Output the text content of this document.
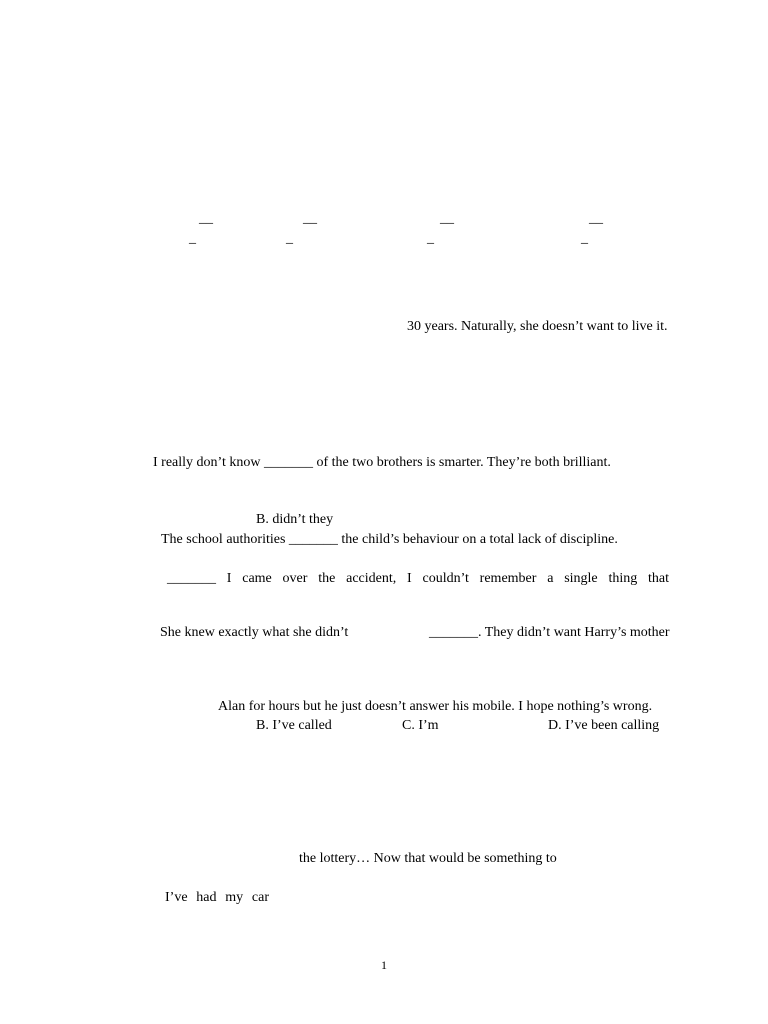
__	__	__	__
_	_	_	_
30 years. Naturally, she doesn’t want to live it.
I really don’t know _______ of the two brothers is smarter. They’re both brilliant.
B. didn’t they
The school authorities _______ the child’s behaviour on a total lack of discipline.
_______ I came over the accident, I couldn’t remember a single thing that
She knew exactly what she didn’t	_______. They didn’t want Harry’s mother
Alan for hours but he just doesn’t answer his mobile. I hope nothing’s wrong.
B. I’ve called	C. I’m	D. I’ve been calling
the lottery… Now that would be something to
I’ve had my car
1
